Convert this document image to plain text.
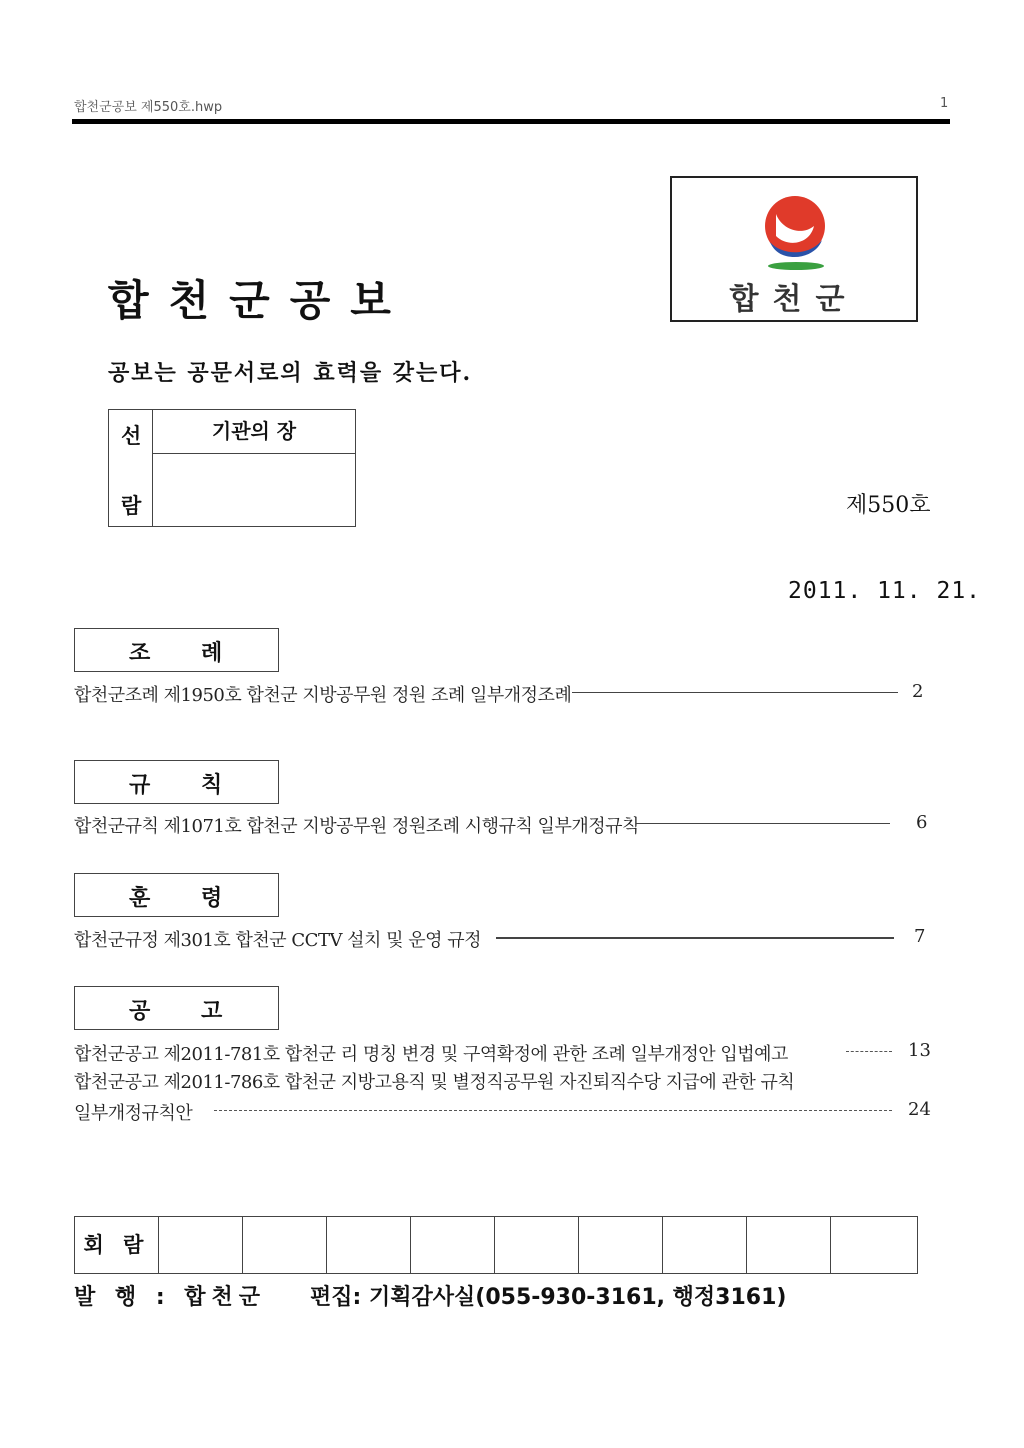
합천군공보 제550호.hwp	1
합천군공보	합천군
공보는 공문서로의 효력을 갖는다.
선
람
기관의 장
제550호
2011. 11. 21.
조 례
합천군조례 제1950호 합천군 지방공무원 정원 조례 일부개정조례	2
규 칙
합천군규칙 제1071호 합천군 지방공무원 정원조례 시행규칙 일부개정규칙	6
훈 령
합천군규정 제301호 합천군 CCTV 설치 및 운영 규정	7
공 고
합천군공고 제2011-781호 합천군 리 명칭 변경 및 구역확정에 관한 조례 일부개정안 입법예고	13
합천군공고 제2011-786호 합천군 지방고용직 및 별정직공무원 자진퇴직수당 지급에 관한 규칙
일부개정규칙안	24
회 람
발 행 : 합천군 편집: 기획감사실(055-930-3161, 행정3161)
